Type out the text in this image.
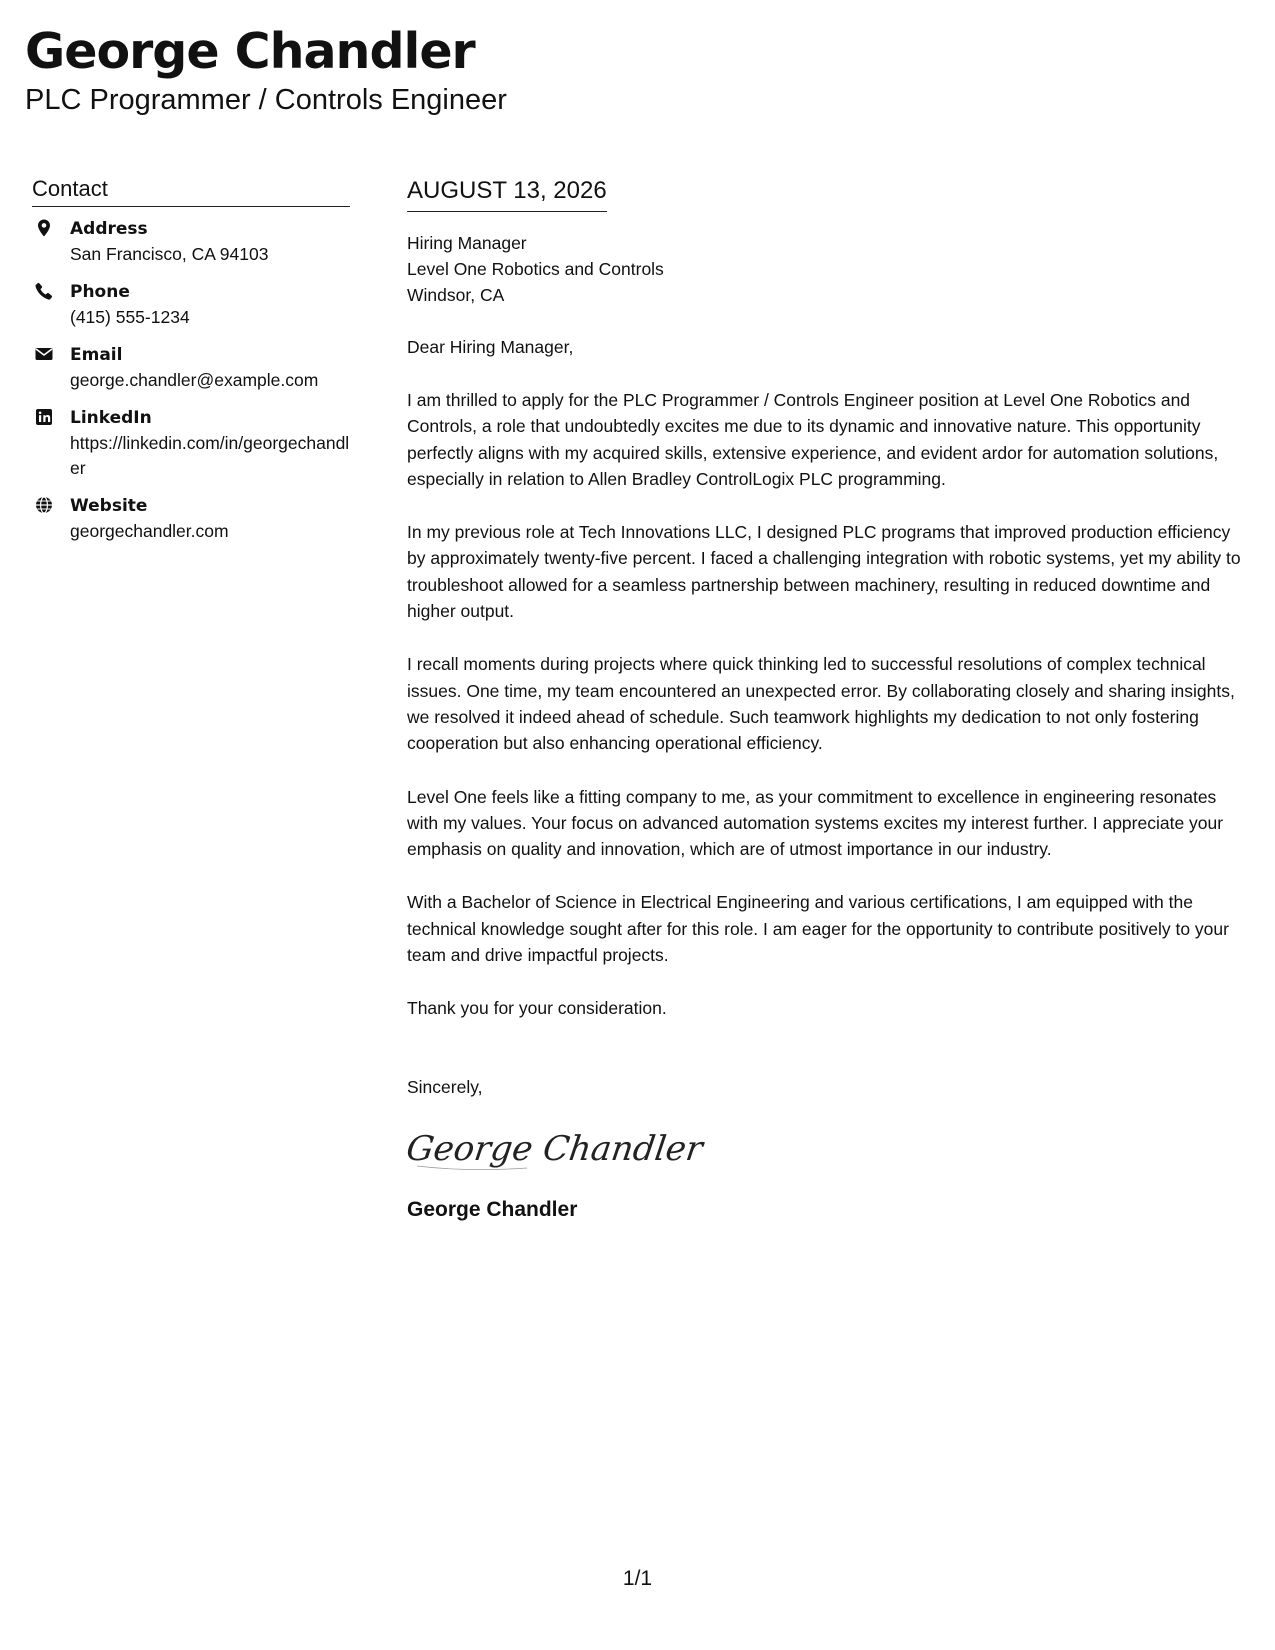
George Chandler
PLC Programmer / Controls Engineer
Contact
Address
San Francisco, CA 94103
Phone
(415) 555-1234
Email
george.chandler@example.com
LinkedIn
https://linkedin.com/in/georgechandler
Website
georgechandler.com
AUGUST 13, 2026
Hiring Manager
Level One Robotics and Controls
Windsor, CA
Dear Hiring Manager,

I am thrilled to apply for the PLC Programmer / Controls Engineer position at Level One Robotics and Controls, a role that undoubtedly excites me due to its dynamic and innovative nature. This opportunity perfectly aligns with my acquired skills, extensive experience, and evident ardor for automation solutions, especially in relation to Allen Bradley ControlLogix PLC programming.

In my previous role at Tech Innovations LLC, I designed PLC programs that improved production efficiency by approximately twenty-five percent. I faced a challenging integration with robotic systems, yet my ability to troubleshoot allowed for a seamless partnership between machinery, resulting in reduced downtime and higher output.

I recall moments during projects where quick thinking led to successful resolutions of complex technical issues. One time, my team encountered an unexpected error. By collaborating closely and sharing insights, we resolved it indeed ahead of schedule. Such teamwork highlights my dedication to not only fostering cooperation but also enhancing operational efficiency.

Level One feels like a fitting company to me, as your commitment to excellence in engineering resonates with my values. Your focus on advanced automation systems excites my interest further. I appreciate your emphasis on quality and innovation, which are of utmost importance in our industry.

With a Bachelor of Science in Electrical Engineering and various certifications, I am equipped with the technical knowledge sought after for this role. I am eager for the opportunity to contribute positively to your team and drive impactful projects.

Thank you for your consideration.

Sincerely,
George Chandler
George Chandler
1/1
